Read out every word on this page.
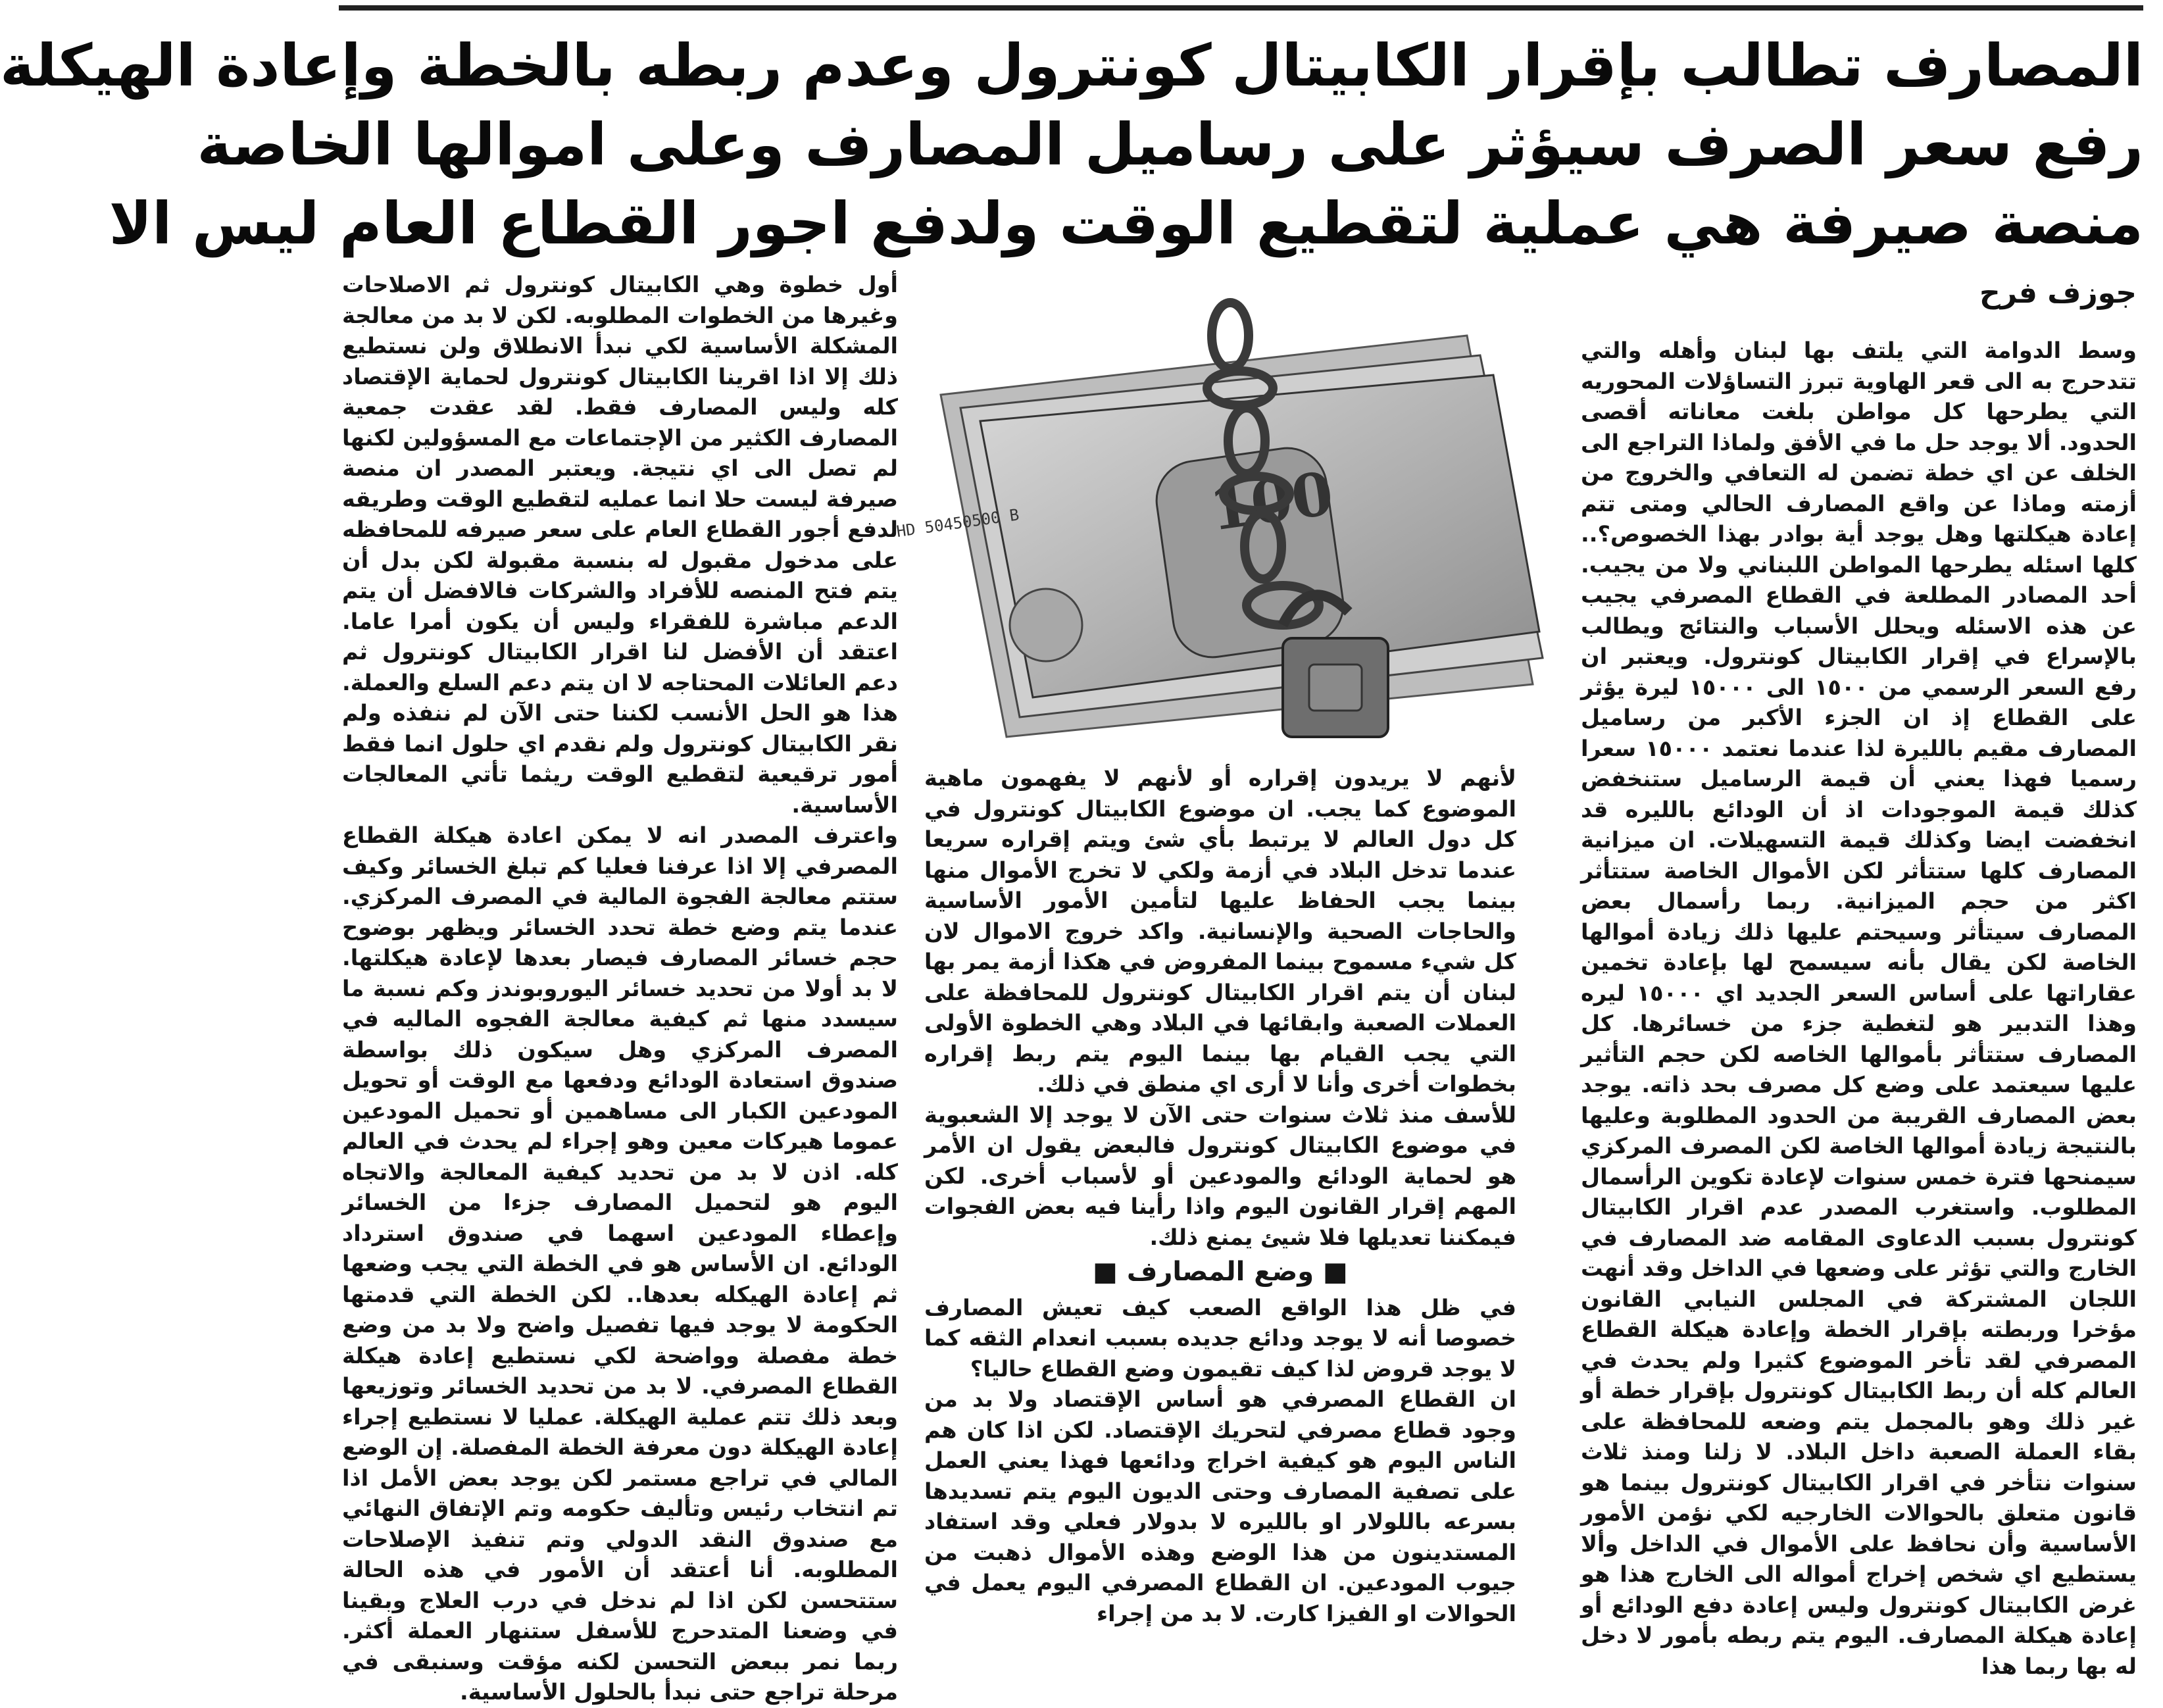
المصارف تطالب بإقرار الكابيتال كونترول وعدم ربطه بالخطة وإعادة الهيكلة
رفع سعر الصرف سيؤثر على رساميل المصارف وعلى اموالها الخاصة
منصة صيرفة هي عملية لتقطيع الوقت ولدفع اجور القطاع العام ليس الا
جوزف فرح

وسط الدوامة التي يلتف بها لبنان وأهله والتي تتدحرج به الى قعر الهاوية تبرز التساؤلات المحوريه التي يطرحها كل مواطن بلغت معاناته أقصى الحدود. ألا يوجد حل ما في الأفق ولماذا التراجع الى الخلف عن اي خطة تضمن له التعافي والخروج من أزمته وماذا عن واقع المصارف الحالي ومتى تتم إعادة هيكلتها وهل يوجد أية بوادر بهذا الخصوص؟.. كلها اسئله يطرحها المواطن اللبناني ولا من يجيب. أحد المصادر المطلعة في القطاع المصرفي يجيب عن هذه الاسئله ويحلل الأسباب والنتائج ويطالب بالإسراع في إقرار الكابيتال كونترول. ويعتبر ان رفع السعر الرسمي من ١٥٠٠ الى ١٥٠٠٠ ليرة يؤثر على القطاع إذ ان الجزء الأكبر من رساميل المصارف مقيم بالليرة لذا عندما نعتمد ١٥٠٠٠ سعرا رسميا فهذا يعني أن قيمة الرساميل ستنخفض كذلك قيمة الموجودات اذ أن الودائع بالليره قد انخفضت ايضا وكذلك قيمة التسهيلات. ان ميزانية المصارف كلها ستتأثر لكن الأموال الخاصة ستتأثر اكثر من حجم الميزانية. ربما رأسمال بعض المصارف سيتأثر وسيحتم عليها ذلك زيادة أموالها الخاصة لكن يقال بأنه سيسمح لها بإعادة تخمين عقاراتها على أساس السعر الجديد اي ١٥٠٠٠ ليره وهذا التدبير هو لتغطية جزء من خسائرها. كل المصارف ستتأثر بأموالها الخاصه لكن حجم التأثير عليها سيعتمد على وضع كل مصرف بحد ذاته. يوجد بعض المصارف القريبة من الحدود المطلوبة وعليها بالنتيجة زيادة أموالها الخاصة لكن المصرف المركزي سيمنحها فترة خمس سنوات لإعادة تكوين الرأسمال المطلوب. واستغرب المصدر عدم اقرار الكابيتال كونترول بسبب الدعاوى المقامه ضد المصارف في الخارج والتي تؤثر على وضعها في الداخل وقد أنهت اللجان المشتركة في المجلس النيابي القانون مؤخرا وربطته بإقرار الخطة وإعادة هيكلة القطاع المصرفي لقد تأخر الموضوع كثيرا ولم يحدث في العالم كله أن ربط الكابيتال كونترول بإقرار خطة أو غير ذلك وهو بالمجمل يتم وضعه للمحافظة على بقاء العملة الصعبة داخل البلاد. لا زلنا ومنذ ثلاث سنوات نتأخر في اقرار الكابيتال كونترول بينما هو قانون متعلق بالحوالات الخارجيه لكي نؤمن الأمور الأساسية وأن نحافظ على الأموال في الداخل وألا يستطيع اي شخص إخراج أمواله الى الخارج هذا هو غرض الكابيتال كونترول وليس إعادة دفع الودائع أو إعادة هيكلة المصارف. اليوم يتم ربطه بأمور لا دخل له بها ربما هذا

100
HD 50450500 B

لأنهم لا يريدون إقراره أو لأنهم لا يفهمون ماهية الموضوع كما يجب. ان موضوع الكابيتال كونترول في كل دول العالم لا يرتبط بأي شئ ويتم إقراره سريعا عندما تدخل البلاد في أزمة ولكي لا تخرج الأموال منها بينما يجب الحفاظ عليها لتأمين الأمور الأساسية والحاجات الصحية والإنسانية. واكد خروج الاموال لان كل شيء مسموح بينما المفروض في هكذا أزمة يمر بها لبنان أن يتم اقرار الكابيتال كونترول للمحافظة على العملات الصعبة وابقائها في البلاد وهي الخطوة الأولى التي يجب القيام بها بينما اليوم يتم ربط إقراره بخطوات أخرى وأنا لا أرى اي منطق في ذلك.

للأسف منذ ثلاث سنوات حتى الآن لا يوجد إلا الشعبوية في موضوع الكابيتال كونترول فالبعض يقول ان الأمر هو لحماية الودائع والمودعين أو لأسباب أخرى. لكن المهم إقرار القانون اليوم واذا رأينا فيه بعض الفجوات فيمكننا تعديلها فلا شيئ يمنع ذلك.

■ وضع المصارف ■

في ظل هذا الواقع الصعب كيف تعيش المصارف خصوصا أنه لا يوجد ودائع جديده بسبب انعدام الثقه كما لا يوجد قروض لذا كيف تقيمون وضع القطاع حاليا؟

ان القطاع المصرفي هو أساس الإقتصاد ولا بد من وجود قطاع مصرفي لتحريك الإقتصاد. لكن اذا كان هم الناس اليوم هو كيفية اخراج ودائعها فهذا يعني العمل على تصفية المصارف وحتى الديون اليوم يتم تسديدها بسرعه باللولار او بالليره لا بدولار فعلي وقد استفاد المستدينون من هذا الوضع وهذه الأموال ذهبت من جيوب المودعين. ان القطاع المصرفي اليوم يعمل في الحوالات او الفيزا كارت. لا بد من إجراء

أول خطوة وهي الكابيتال كونترول ثم الاصلاحات وغيرها من الخطوات المطلوبه. لكن لا بد من معالجة المشكلة الأساسية لكي نبدأ الانطلاق ولن نستطيع ذلك إلا اذا اقرينا الكابيتال كونترول لحماية الإقتصاد كله وليس المصارف فقط. لقد عقدت جمعية المصارف الكثير من الإجتماعات مع المسؤولين لكنها لم تصل الى اي نتيجة. ويعتبر المصدر ان منصة صيرفة ليست حلا انما عمليه لتقطيع الوقت وطريقه لدفع أجور القطاع العام على سعر صيرفه للمحافظه على مدخول مقبول له بنسبة مقبولة لكن بدل أن يتم فتح المنصه للأفراد والشركات فالافضل أن يتم الدعم مباشرة للفقراء وليس أن يكون أمرا عاما. اعتقد أن الأفضل لنا اقرار الكابيتال كونترول ثم دعم العائلات المحتاجه لا ان يتم دعم السلع والعملة. هذا هو الحل الأنسب لكننا حتى الآن لم ننفذه ولم نقر الكابيتال كونترول ولم نقدم اي حلول انما فقط أمور ترقيعية لتقطيع الوقت ريثما تأتي المعالجات الأساسية.

واعترف المصدر انه لا يمكن اعادة هيكلة القطاع المصرفي إلا اذا عرفنا فعليا كم تبلغ الخسائر وكيف ستتم معالجة الفجوة المالية في المصرف المركزي. عندما يتم وضع خطة تحدد الخسائر ويظهر بوضوح حجم خسائر المصارف فيصار بعدها لإعادة هيكلتها. لا بد أولا من تحديد خسائر اليوروبوندز وكم نسبة ما سيسدد منها ثم كيفية معالجة الفجوه الماليه في المصرف المركزي وهل سيكون ذلك بواسطة صندوق استعادة الودائع ودفعها مع الوقت أو تحويل المودعين الكبار الى مساهمين أو تحميل المودعين عموما هيركات معين وهو إجراء لم يحدث في العالم كله. اذن لا بد من تحديد كيفية المعالجة والاتجاه اليوم هو لتحميل المصارف جزءا من الخسائر وإعطاء المودعين اسهما في صندوق استرداد الودائع. ان الأساس هو في الخطة التي يجب وضعها ثم إعادة الهيكله بعدها.. لكن الخطة التي قدمتها الحكومة لا يوجد فيها تفصيل واضح ولا بد من وضع خطة مفصلة وواضحة لكي نستطيع إعادة هيكلة القطاع المصرفي. لا بد من تحديد الخسائر وتوزيعها وبعد ذلك تتم عملية الهيكلة. عمليا لا نستطيع إجراء إعادة الهيكلة دون معرفة الخطة المفصلة. إن الوضع المالي في تراجع مستمر لكن يوجد بعض الأمل اذا تم انتخاب رئيس وتأليف حكومه وتم الإتفاق النهائي مع صندوق النقد الدولي وتم تنفيذ الإصلاحات المطلوبه. أنا أعتقد أن الأمور في هذه الحالة ستتحسن لكن اذا لم ندخل في درب العلاج وبقينا في وضعنا المتدحرج للأسفل ستنهار العملة أكثر. ربما نمر ببعض التحسن لكنه مؤقت وسنبقى في مرحلة تراجع حتى نبدأ بالحلول الأساسية.
